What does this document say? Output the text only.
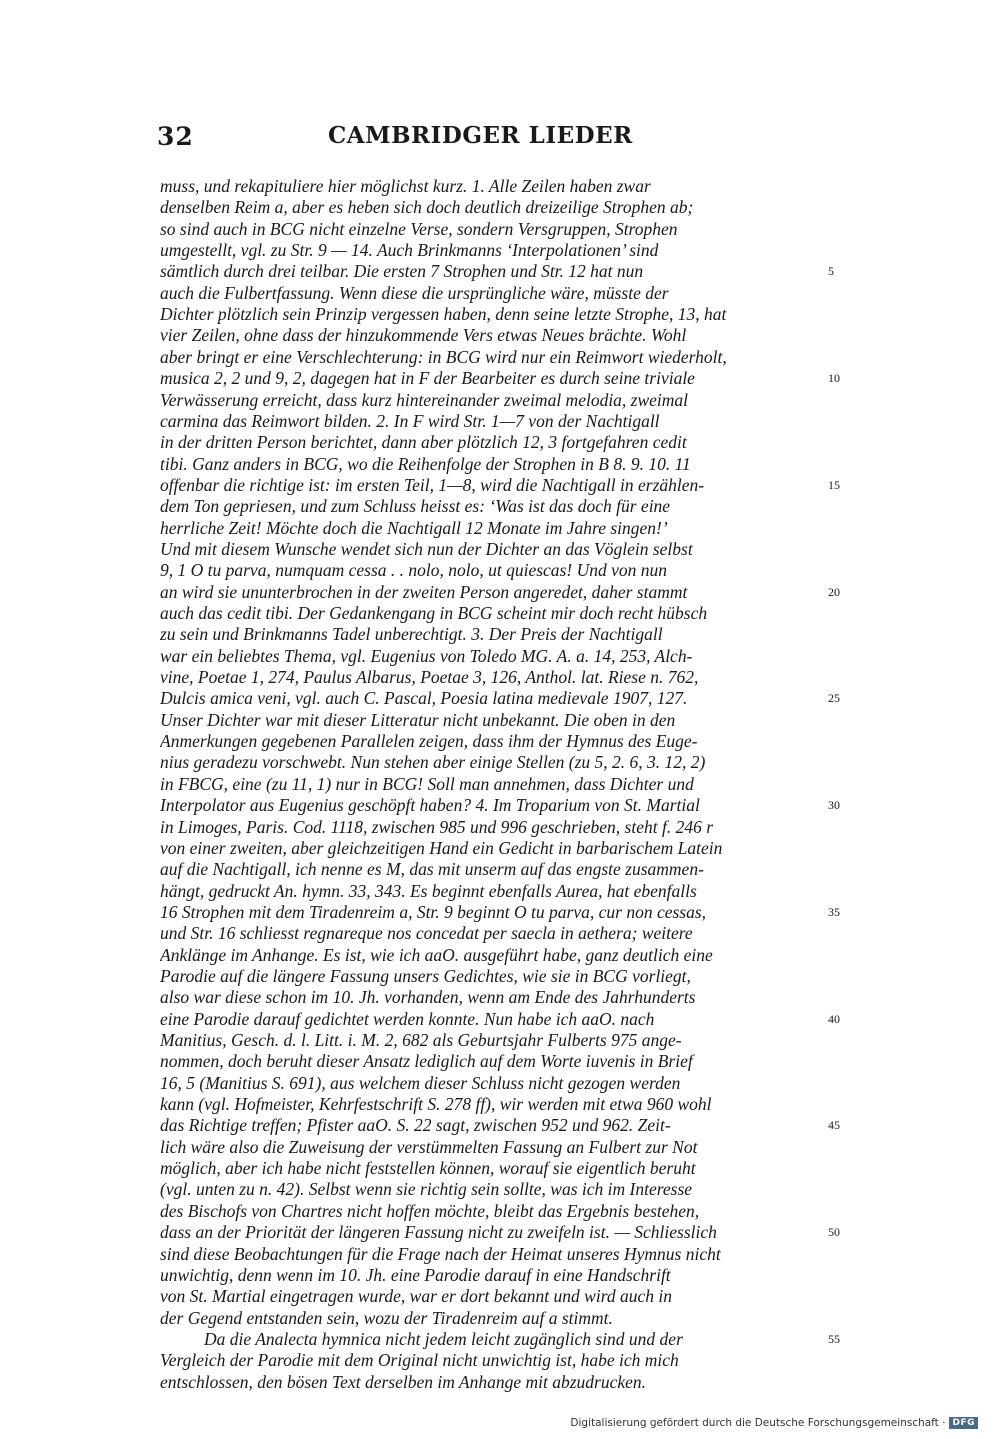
32	CAMBRIDGER LIEDER
muss, und rekapituliere hier möglichst kurz. 1. Alle Zeilen haben zwar
denselben Reim a, aber es heben sich doch deutlich dreizeilige Strophen ab;
so sind auch in BCG nicht einzelne Verse, sondern Versgruppen, Strophen
umgestellt, vgl. zu Str. 9 — 14. Auch Brinkmanns ‘Interpolationen’ sind
sämtlich durch drei teilbar. Die ersten 7 Strophen und Str. 12 hat nun	5
auch die Fulbertfassung. Wenn diese die ursprüngliche wäre, müsste der
Dichter plötzlich sein Prinzip vergessen haben, denn seine letzte Strophe, 13, hat
vier Zeilen, ohne dass der hinzukommende Vers etwas Neues brächte. Wohl
aber bringt er eine Verschlechterung: in BCG wird nur ein Reimwort wiederholt,
musica 2, 2 und 9, 2, dagegen hat in F der Bearbeiter es durch seine triviale	10
Verwässerung erreicht, dass kurz hintereinander zweimal melodia, zweimal
carmina das Reimwort bilden. 2. In F wird Str. 1—7 von der Nachtigall
in der dritten Person berichtet, dann aber plötzlich 12, 3 fortgefahren cedit
tibi. Ganz anders in BCG, wo die Reihenfolge der Strophen in B 8. 9. 10. 11
offenbar die richtige ist: im ersten Teil, 1—8, wird die Nachtigall in erzählen-	15
dem Ton gepriesen, und zum Schluss heisst es: ‘Was ist das doch für eine
herrliche Zeit! Möchte doch die Nachtigall 12 Monate im Jahre singen!’
Und mit diesem Wunsche wendet sich nun der Dichter an das Vöglein selbst
9, 1 O tu parva, numquam cessa . . nolo, nolo, ut quiescas! Und von nun
an wird sie ununterbrochen in der zweiten Person angeredet, daher stammt	20
auch das cedit tibi. Der Gedankengang in BCG scheint mir doch recht hübsch
zu sein und Brinkmanns Tadel unberechtigt. 3. Der Preis der Nachtigall
war ein beliebtes Thema, vgl. Eugenius von Toledo MG. A. a. 14, 253, Alch-
vine, Poetae 1, 274, Paulus Albarus, Poetae 3, 126, Anthol. lat. Riese n. 762,
Dulcis amica veni, vgl. auch C. Pascal, Poesia latina medievale 1907, 127.	25
Unser Dichter war mit dieser Litteratur nicht unbekannt. Die oben in den
Anmerkungen gegebenen Parallelen zeigen, dass ihm der Hymnus des Euge-
nius geradezu vorschwebt. Nun stehen aber einige Stellen (zu 5, 2. 6, 3. 12, 2)
in FBCG, eine (zu 11, 1) nur in BCG! Soll man annehmen, dass Dichter und
Interpolator aus Eugenius geschöpft haben? 4. Im Troparium von St. Martial	30
in Limoges, Paris. Cod. 1118, zwischen 985 und 996 geschrieben, steht f. 246 r
von einer zweiten, aber gleichzeitigen Hand ein Gedicht in barbarischem Latein
auf die Nachtigall, ich nenne es M, das mit unserm auf das engste zusammen-
hängt, gedruckt An. hymn. 33, 343. Es beginnt ebenfalls Aurea, hat ebenfalls
16 Strophen mit dem Tiradenreim a, Str. 9 beginnt O tu parva, cur non cessas,	35
und Str. 16 schliesst regnareque nos concedat per saecla in aethera; weitere
Anklänge im Anhange. Es ist, wie ich aaO. ausgeführt habe, ganz deutlich eine
Parodie auf die längere Fassung unsers Gedichtes, wie sie in BCG vorliegt,
also war diese schon im 10. Jh. vorhanden, wenn am Ende des Jahrhunderts
eine Parodie darauf gedichtet werden konnte. Nun habe ich aaO. nach	40
Manitius, Gesch. d. l. Litt. i. M. 2, 682 als Geburtsjahr Fulberts 975 ange-
nommen, doch beruht dieser Ansatz lediglich auf dem Worte iuvenis in Brief
16, 5 (Manitius S. 691), aus welchem dieser Schluss nicht gezogen werden
kann (vgl. Hofmeister, Kehrfestschrift S. 278 ff), wir werden mit etwa 960 wohl
das Richtige treffen; Pfister aaO. S. 22 sagt, zwischen 952 und 962. Zeit-	45
lich wäre also die Zuweisung der verstümmelten Fassung an Fulbert zur Not
möglich, aber ich habe nicht feststellen können, worauf sie eigentlich beruht
(vgl. unten zu n. 42). Selbst wenn sie richtig sein sollte, was ich im Interesse
des Bischofs von Chartres nicht hoffen möchte, bleibt das Ergebnis bestehen,
dass an der Priorität der längeren Fassung nicht zu zweifeln ist. — Schliesslich	50
sind diese Beobachtungen für die Frage nach der Heimat unseres Hymnus nicht
unwichtig, denn wenn im 10. Jh. eine Parodie darauf in eine Handschrift
von St. Martial eingetragen wurde, war er dort bekannt und wird auch in
der Gegend entstanden sein, wozu der Tiradenreim auf a stimmt.
Da die Analecta hymnica nicht jedem leicht zugänglich sind und der	55
Vergleich der Parodie mit dem Original nicht unwichtig ist, habe ich mich
entschlossen, den bösen Text derselben im Anhange mit abzudrucken.
Digitalisierung gefördert durch die Deutsche Forschungsgemeinschaft · DFG
